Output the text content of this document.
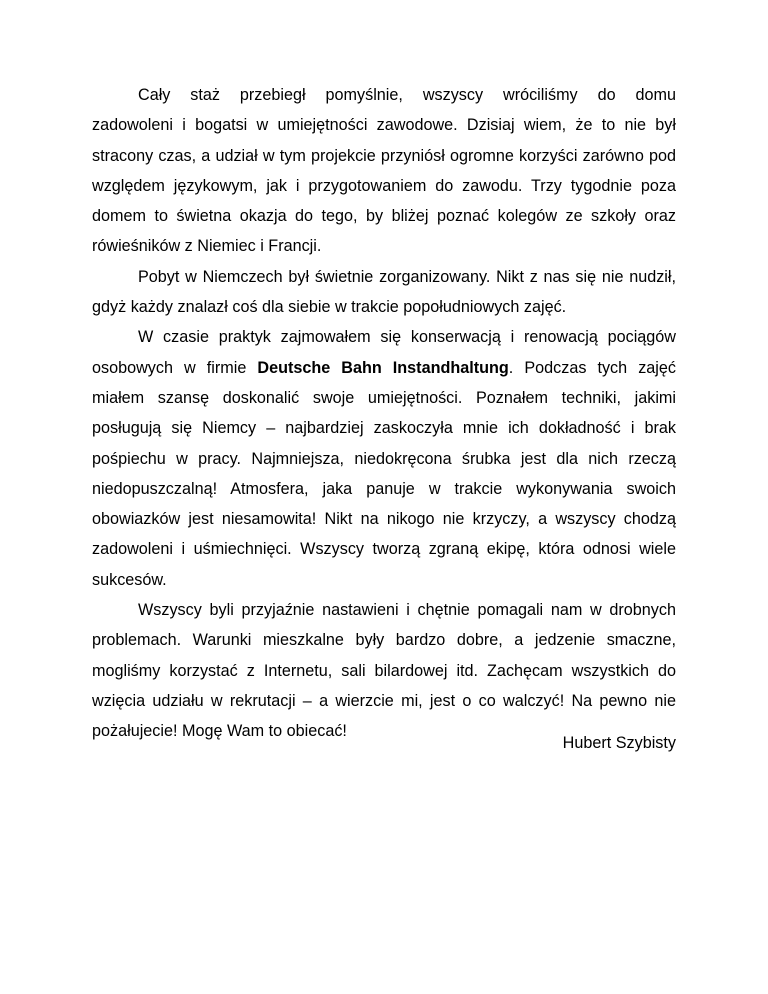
Cały staż przebiegł pomyślnie, wszyscy wróciliśmy do domu

zadowoleni i bogatsi w umiejętności zawodowe. Dzisiaj wiem, że to nie był stracony czas, a udział w tym projekcie przyniósł ogromne korzyści zarówno pod względem językowym, jak i przygotowaniem do zawodu. Trzy tygodnie poza domem to świetna okazja do tego, by bliżej poznać kolegów ze szkoły oraz rówieśników z Niemiec i Francji.

Pobyt w Niemczech był świetnie zorganizowany. Nikt z nas się nie nudził, gdyż każdy znalazł coś dla siebie w trakcie popołudniowych zajęć.

W czasie praktyk zajmowałem się konserwacją i renowacją pociągów osobowych w firmie Deutsche Bahn Instandhaltung. Podczas tych zajęć miałem szansę doskonalić swoje umiejętności. Poznałem techniki, jakimi posługują się Niemcy – najbardziej zaskoczyła mnie ich dokładność i brak pośpiechu w pracy. Najmniejsza, niedokręcona śrubka jest dla nich rzeczą niedopuszczalną! Atmosfera, jaka panuje w trakcie wykonywania swoich obowiazków jest niesamowita! Nikt na nikogo nie krzyczy, a wszyscy chodzą zadowoleni i uśmiechnięci. Wszyscy tworzą zgraną ekipę, która odnosi wiele sukcesów.

Wszyscy byli przyjaźnie nastawieni i chętnie pomagali nam w drobnych problemach. Warunki mieszkalne były bardzo dobre, a jedzenie smaczne, mogliśmy korzystać z Internetu, sali bilardowej itd. Zachęcam wszystkich do wzięcia udziału w rekrutacji – a wierzcie mi, jest o co walczyć! Na pewno nie pożałujecie! Mogę Wam to obiecać!

Hubert Szybisty
